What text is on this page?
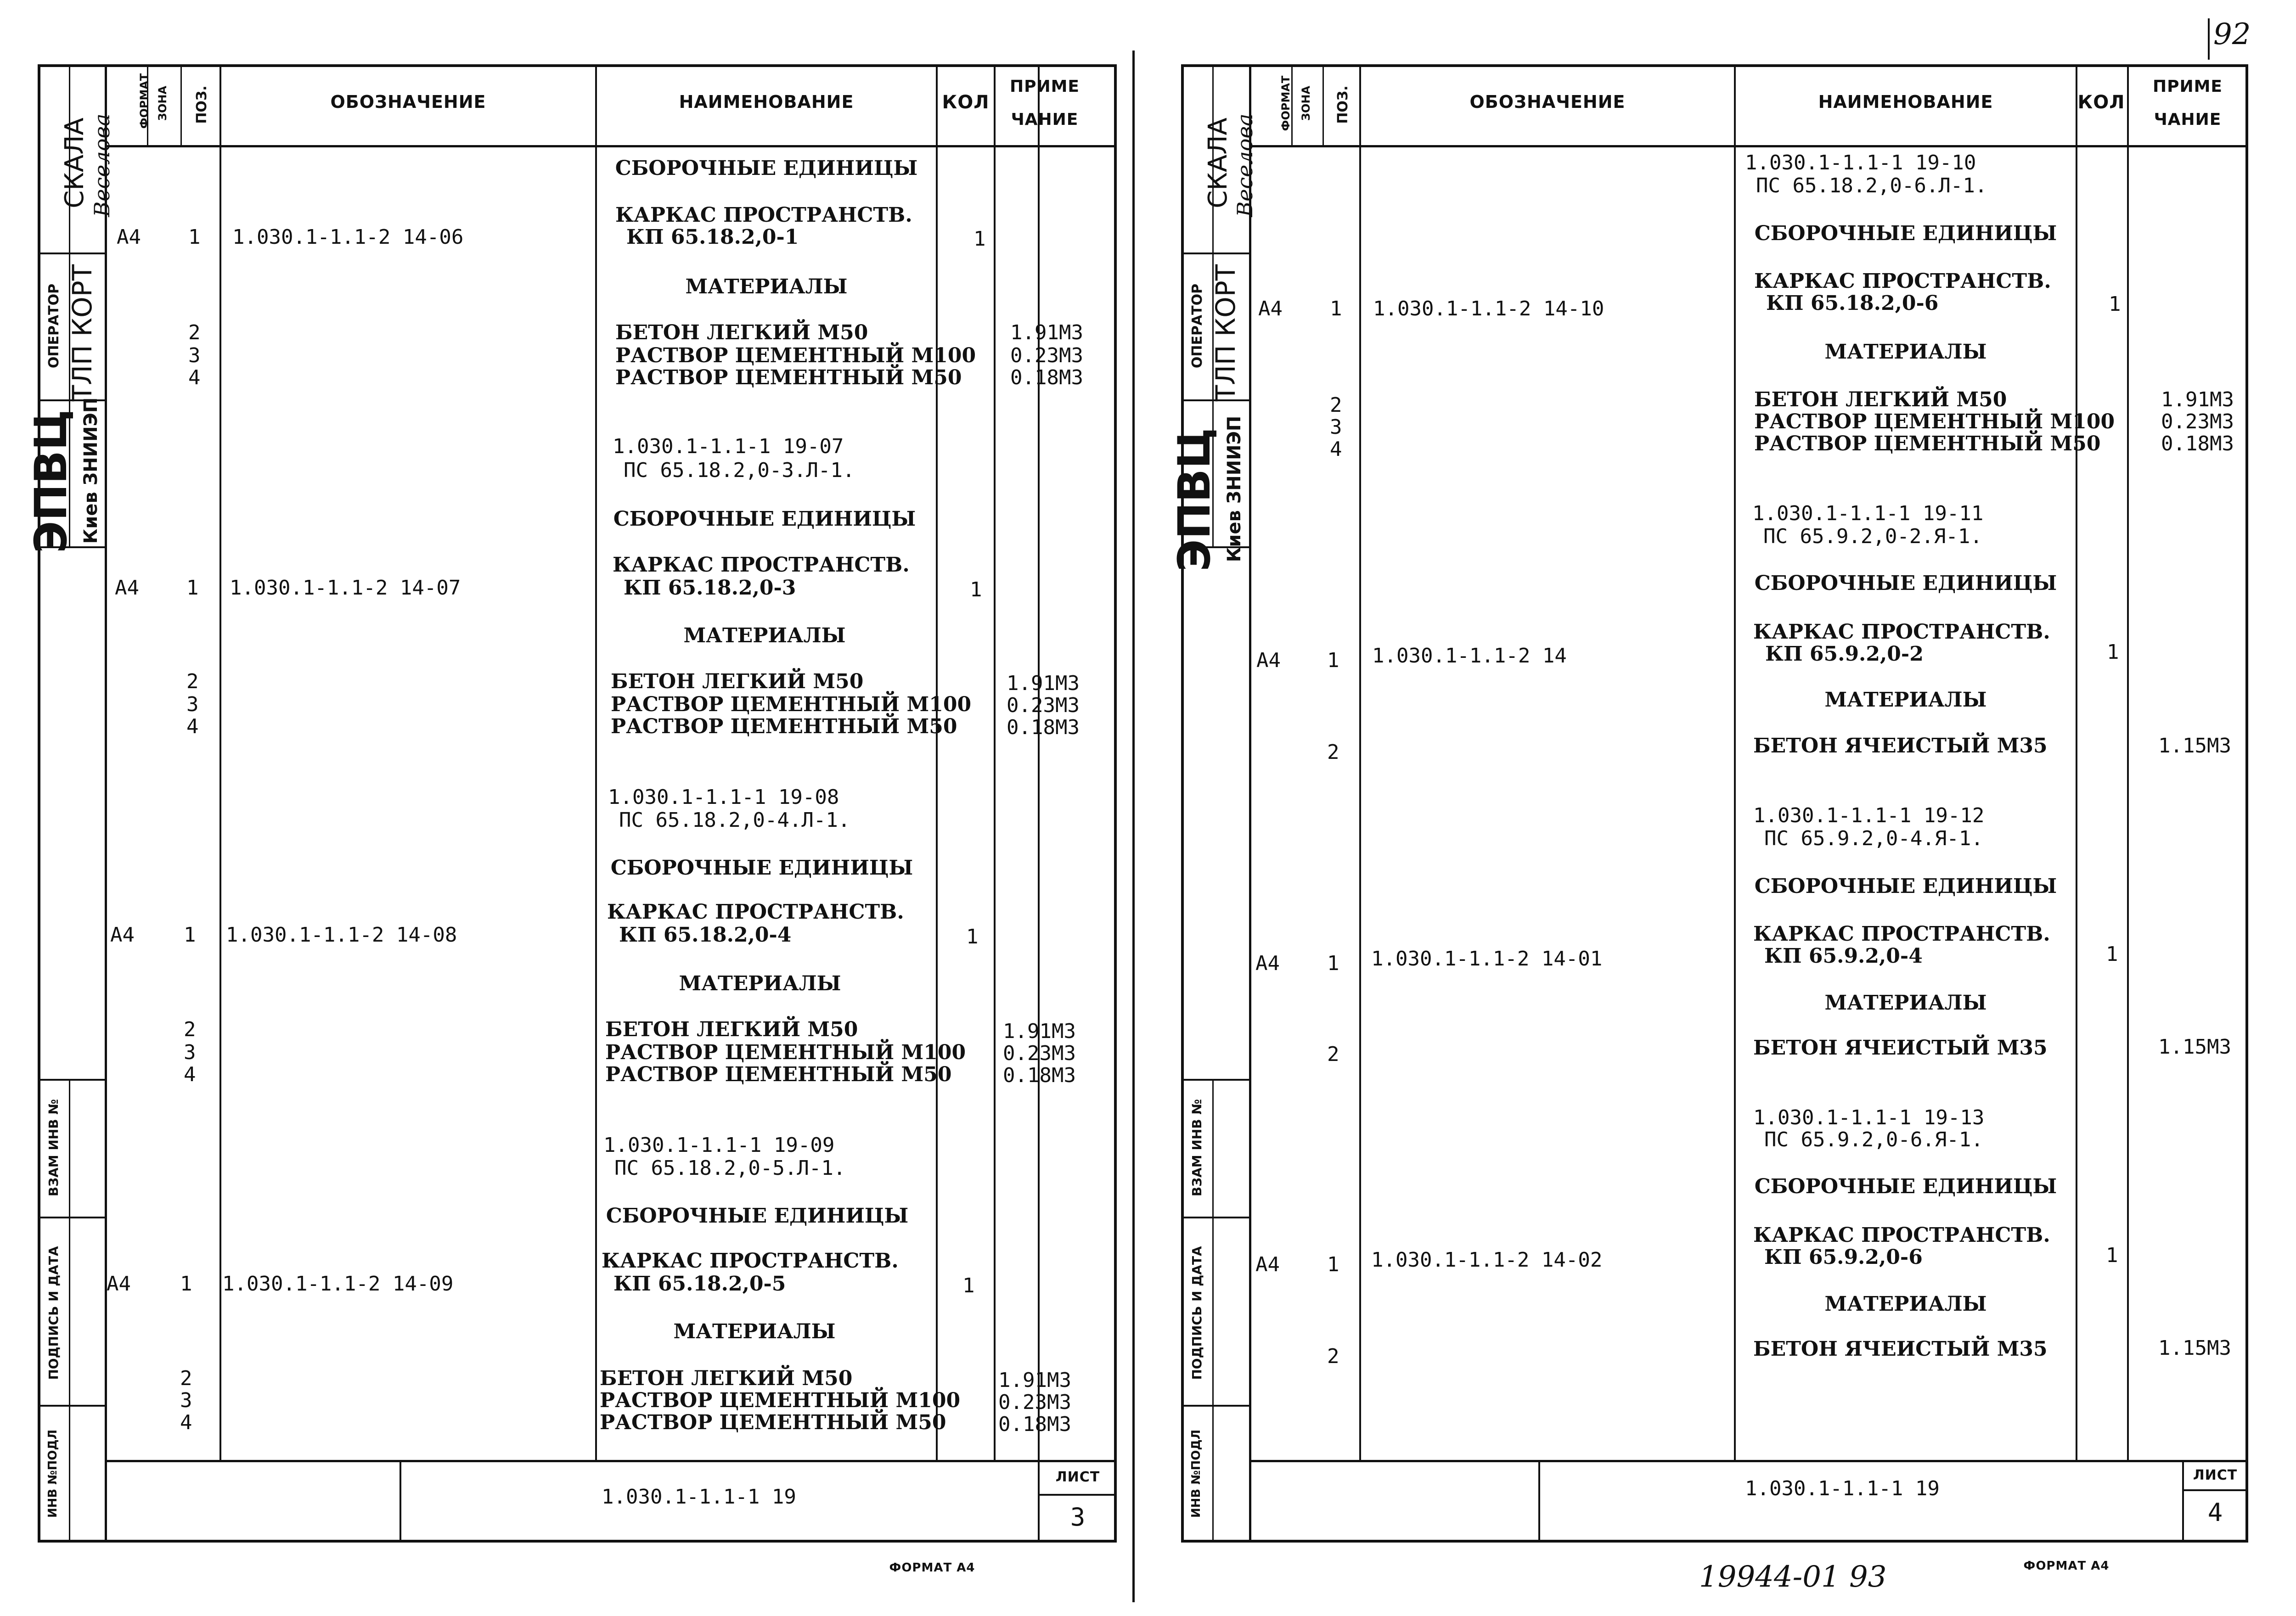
ФОРМАТ ЗОНА ПОЗ.	ОБОЗНАЧЕНИЕ	НАИМЕНОВАНИЕ	КОЛ
ПРИМЕ
ЧАНИЕ
СКАЛА Веселова
ОПЕРАТОР ТЛП КОРТ
ЭПВЦ Киев ЗНИИЭП
ВЗАМ ИНВ №
ПОДПИСЬ И ДАТА
ИНВ №ПОДЛ
СБОРОЧНЫЕ ЕДИНИЦЫ
А4 1 1.030.1-1.1-2 14-06
КАРКАС ПРОСТРАНСТВ.
КП 65.18.2,0-1	1
МАТЕРИАЛЫ
2	БЕТОН ЛЕГКИЙ М50	1.91М3
3	РАСТВОР ЦЕМЕНТНЫЙ М100 0.23М3
4	РАСТВОР ЦЕМЕНТНЫЙ М50 0.18М3
1.030.1-1.1-1 19-07
ПС 65.18.2,0-3.Л-1.
СБОРОЧНЫЕ ЕДИНИЦЫ
А4 1 1.030.1-1.1-2 14-07
КАРКАС ПРОСТРАНСТВ.
КП 65.18.2,0-3	1
МАТЕРИАЛЫ
2	БЕТОН ЛЕГКИЙ М50	1.91М3
3	РАСТВОР ЦЕМЕНТНЫЙ М100 0.23М3
4	РАСТВОР ЦЕМЕНТНЫЙ М50 0.18М3
1.030.1-1.1-1 19-08
ПС 65.18.2,0-4.Л-1.
СБОРОЧНЫЕ ЕДИНИЦЫ
А4 1 1.030.1-1.1-2 14-08
КАРКАС ПРОСТРАНСТВ.
КП 65.18.2,0-4	1
МАТЕРИАЛЫ
2	БЕТОН ЛЕГКИЙ М50	1.91М3
3	РАСТВОР ЦЕМЕНТНЫЙ М100 0.23М3
4	РАСТВОР ЦЕМЕНТНЫЙ М50	0.18М3
1.030.1-1.1-1 19-09
ПС 65.18.2,0-5.Л-1.
СБОРОЧНЫЕ ЕДИНИЦЫ
А4 1 1.030.1-1.1-2 14-09
КАРКАС ПРОСТРАНСТВ.
КП 65.18.2,0-5	1
МАТЕРИАЛЫ
2	БЕТОН ЛЕГКИЙ М50	1.91М3
3	РАСТВОР ЦЕМЕНТНЫЙ М100 0.23М3
4	РАСТВОР ЦЕМЕНТНЫЙ М50	0.18М3
1.030.1-1.1-1 19
ЛИСТ
3
ФОРМАТ А4
ФОРМАТ ЗОНА ПОЗ.	ОБОЗНАЧЕНИЕ	НАИМЕНОВАНИЕ	КОЛ
ПРИМЕ
ЧАНИЕ
СКАЛА Веселова
ОПЕРАТОР ТЛП КОРТ
ЭПВЦ Киев ЗНИИЭП
ВЗАМ ИНВ №
ПОДПИСЬ И ДАТА
ИНВ №ПОДЛ
1.030.1-1.1-1 19-10
ПС 65.18.2,0-6.Л-1.
СБОРОЧНЫЕ ЕДИНИЦЫ
А4 1 1.030.1-1.1-2 14-10
КАРКАС ПРОСТРАНСТВ.
КП 65.18.2,0-6	1
МАТЕРИАЛЫ
2	БЕТОН ЛЕГКИЙ М50	1.91М3
3	РАСТВОР ЦЕМЕНТНЫЙ М100 0.23М3
4	РАСТВОР ЦЕМЕНТНЫЙ М50	0.18М3
1.030.1-1.1-1 19-11
ПС 65.9.2,0-2.Я-1.
СБОРОЧНЫЕ ЕДИНИЦЫ
А4 1 1.030.1-1.1-2 14
КАРКАС ПРОСТРАНСТВ.
КП 65.9.2,0-2	1
МАТЕРИАЛЫ
2	БЕТОН ЯЧЕИСТЫЙ М35	1.15М3
1.030.1-1.1-1 19-12
ПС 65.9.2,0-4.Я-1.
СБОРОЧНЫЕ ЕДИНИЦЫ
А4 1 1.030.1-1.1-2 14-01
КАРКАС ПРОСТРАНСТВ.
КП 65.9.2,0-4	1
МАТЕРИАЛЫ
2	БЕТОН ЯЧЕИСТЫЙ М35	1.15М3
1.030.1-1.1-1 19-13
ПС 65.9.2,0-6.Я-1.
СБОРОЧНЫЕ ЕДИНИЦЫ
А4 1 1.030.1-1.1-2 14-02
КАРКАС ПРОСТРАНСТВ.
КП 65.9.2,0-6	1
МАТЕРИАЛЫ
2	БЕТОН ЯЧЕИСТЫЙ М35	1.15М3
1.030.1-1.1-1 19
ЛИСТ
4
ФОРМАТ А4
92
19944-01 93
